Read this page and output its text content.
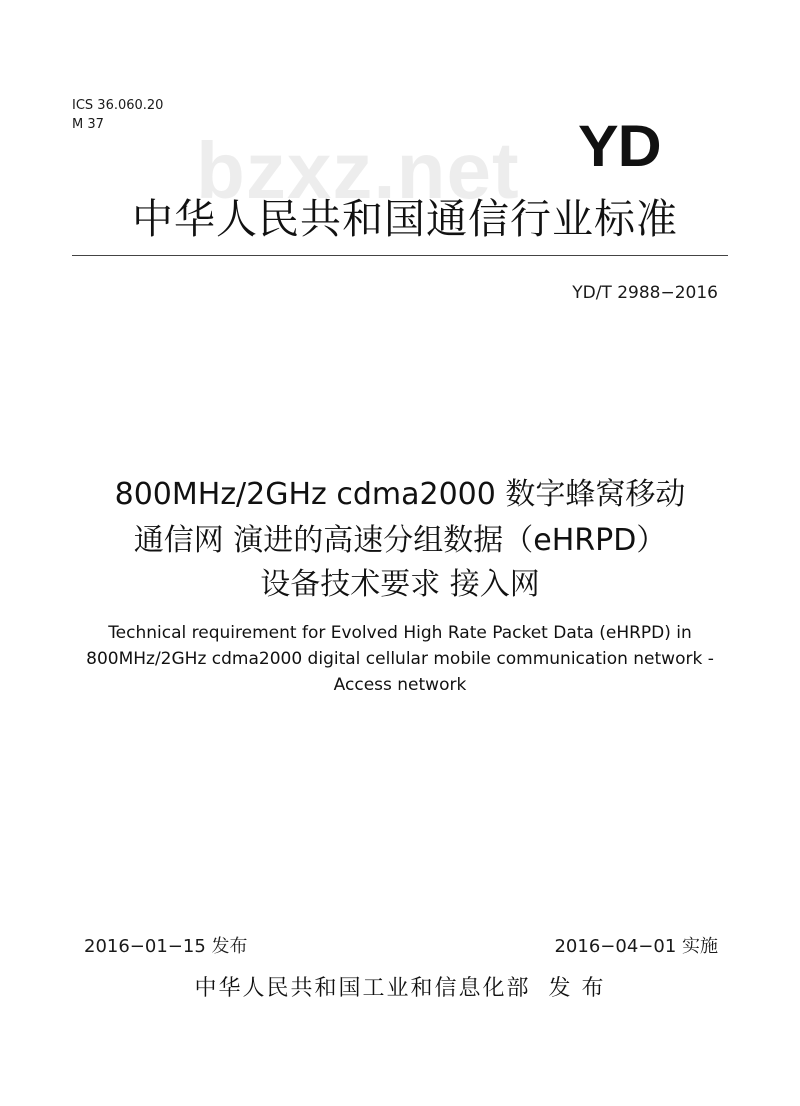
ICS 36.060.20
M 37
bzxz.net	YD
中华人民共和国通信行业标准
YD/T 2988−2016
800MHz/2GHz cdma2000 数字蜂窝移动
通信网 演进的高速分组数据（eHRPD）
设备技术要求 接入网
Technical requirement for Evolved High Rate Packet Data (eHRPD) in
800MHz/2GHz cdma2000 digital cellular mobile communication network -
Access network
2016−01−15 发布	2016−04−01 实施
中华人民共和国工业和信息化部 发 布
